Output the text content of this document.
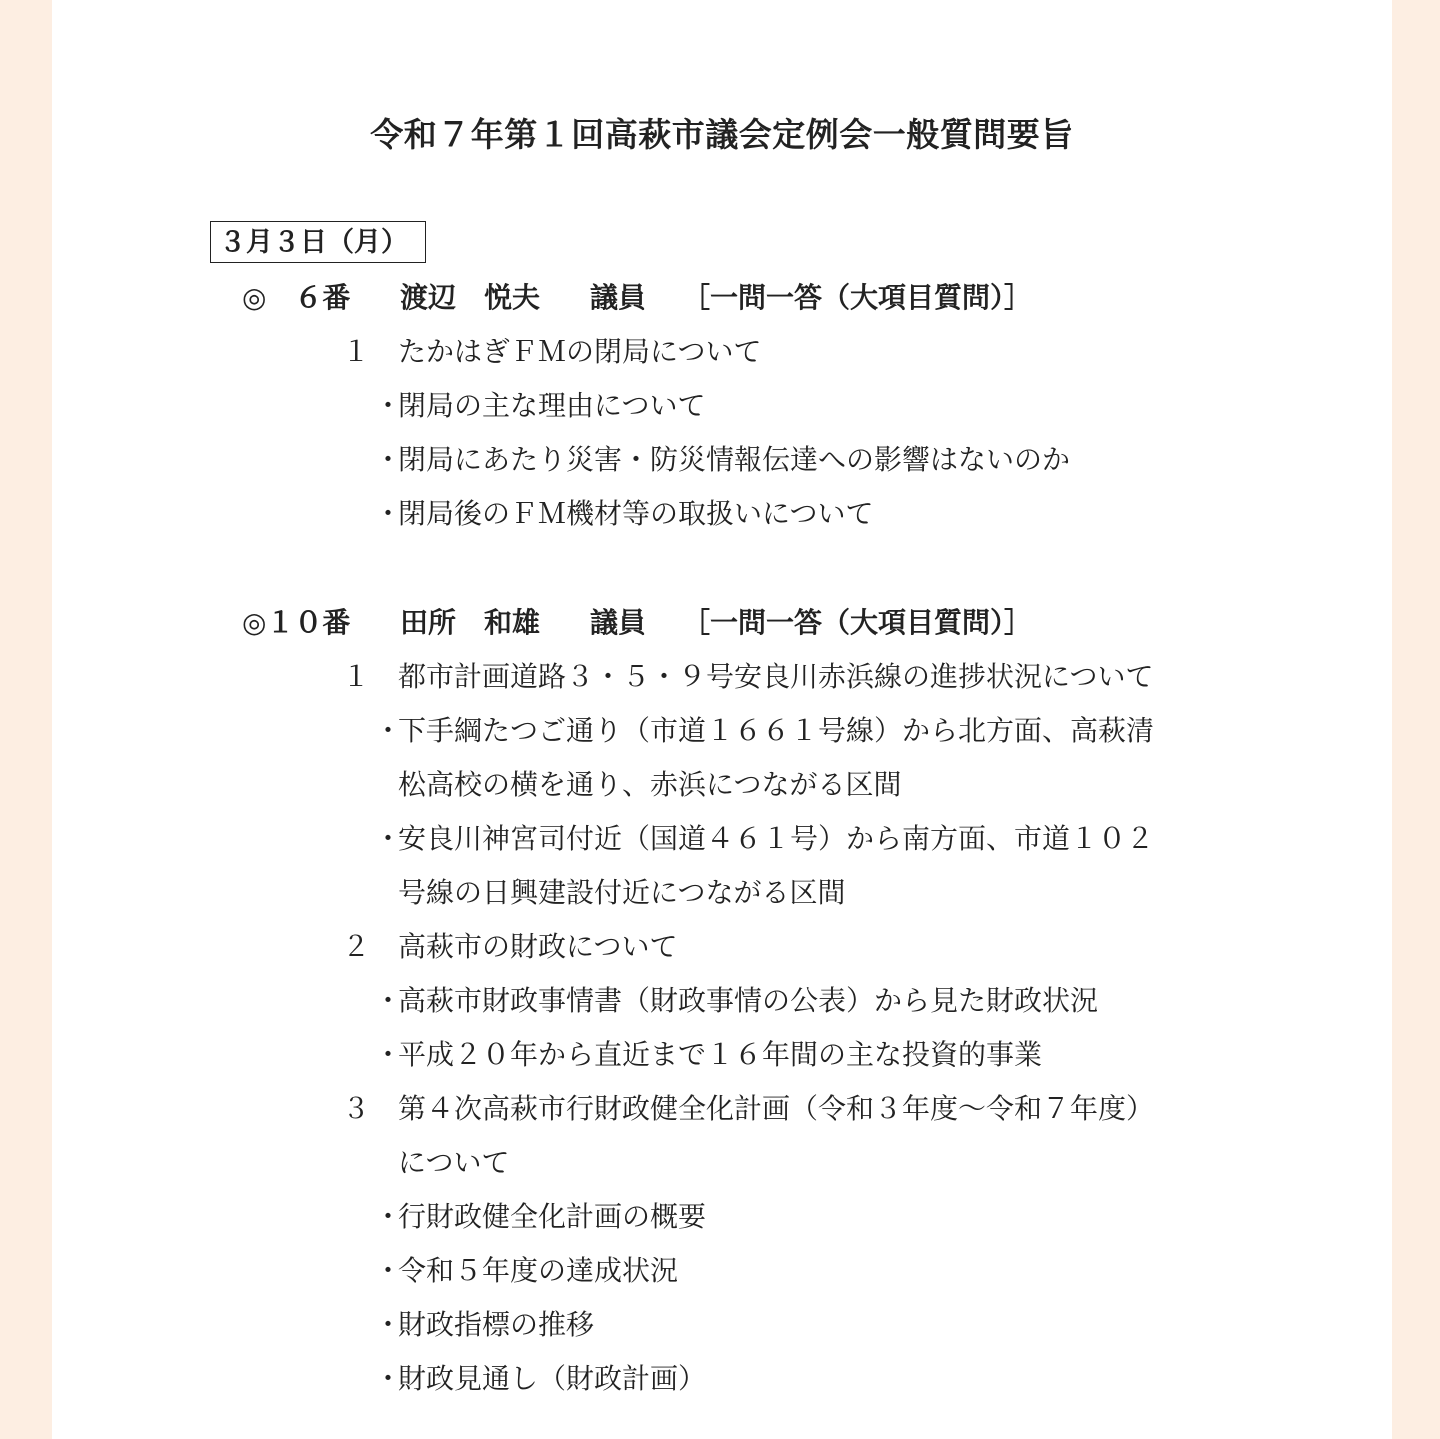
令和７年第１回高萩市議会定例会一般質問要旨
３月３日（月）
◎　６番 渡辺　悦夫 議員 ［一問一答（大項目質問）］
１ たかはぎＦＭの閉局について
・
閉局の主な理由について
・
閉局にあたり災害・防災情報伝達への影響はないのか
・
閉局後のＦＭ機材等の取扱いについて
◎１０番 田所　和雄 議員 ［一問一答（大項目質問）］
１ 都市計画道路３・５・９号安良川赤浜線の進捗状況について
・
下手綱たつご通り（市道１６６１号線）から北方面、高萩清
松高校の横を通り、赤浜につながる区間
・
安良川神宮司付近（国道４６１号）から南方面、市道１０２
号線の日興建設付近につながる区間
２ 高萩市の財政について
・
高萩市財政事情書（財政事情の公表）から見た財政状況
・
平成２０年から直近まで１６年間の主な投資的事業
３ 第４次高萩市行財政健全化計画（令和３年度～令和７年度）
について
・
行財政健全化計画の概要
・
令和５年度の達成状況
・
財政指標の推移
・
財政見通し（財政計画）
